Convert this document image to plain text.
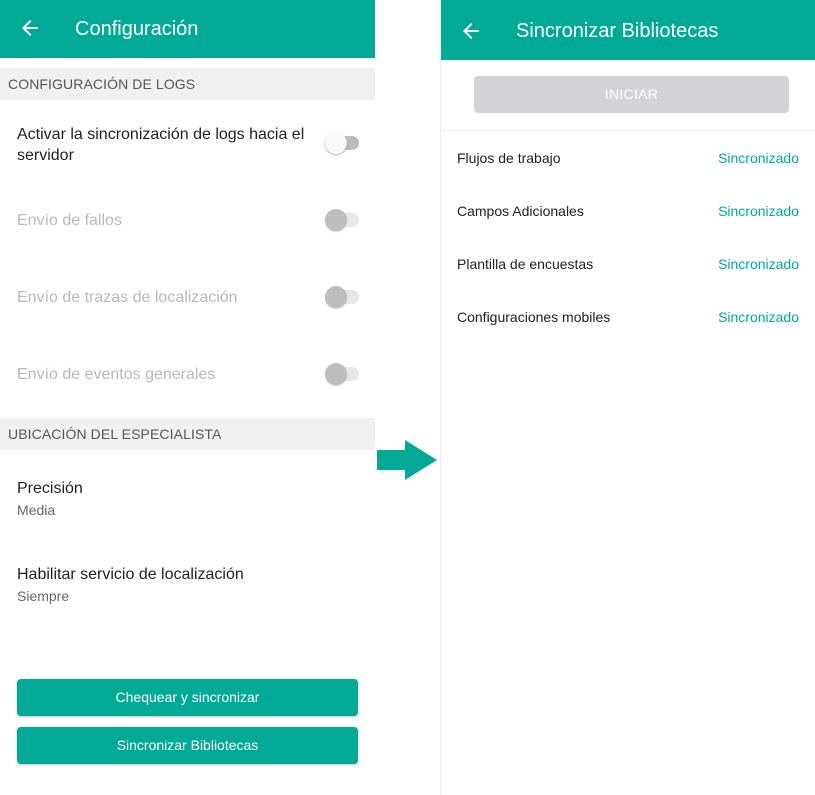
Configuración
CONFIGURACIÓN DE LOGS
Activar la sincronización de logs hacia el servidor
Envío de fallos
Envío de trazas de localización
Envío de eventos generales
UBICACIÓN DEL ESPECIALISTA
Precisión
Media
Habilitar servicio de localización
Siempre
Chequear y sincronizar
Sincronizar Bibliotecas
Sincronizar Bibliotecas
INICIAR
Flujos de trabajo	Sincronizado
Campos Adicionales	Sincronizado
Plantilla de encuestas	Sincronizado
Configuraciones mobiles	Sincronizado
